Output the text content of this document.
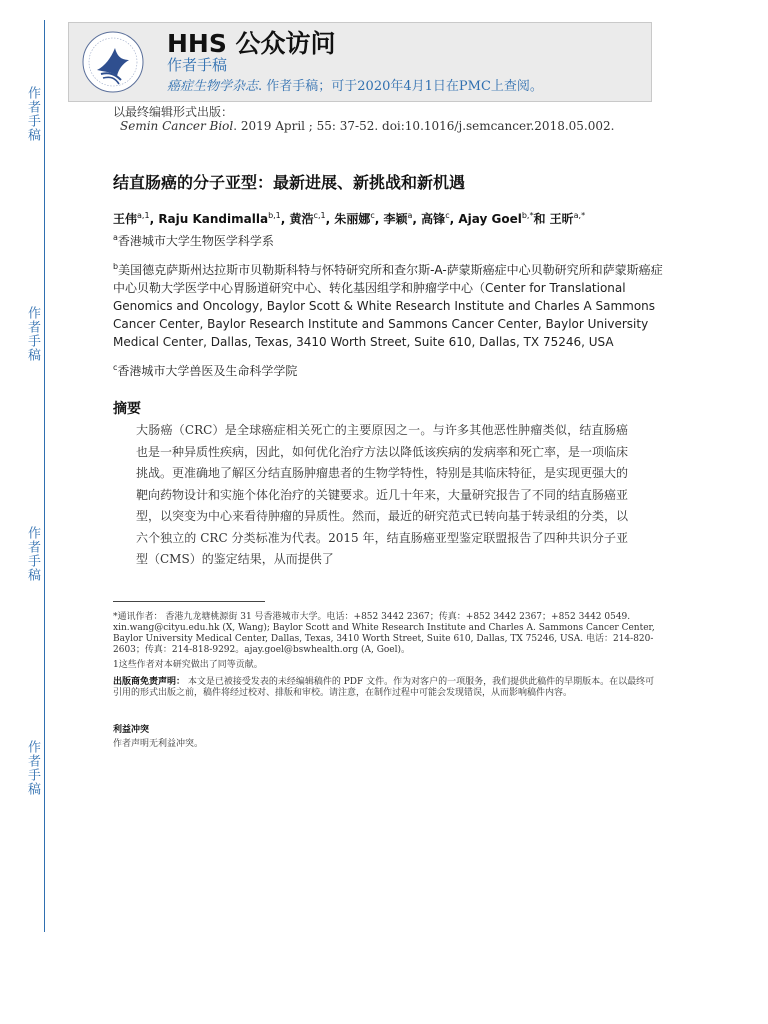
作者手稿
作者手稿
作者手稿
作者手稿
HHS 公众访问
作者手稿
癌症生物学杂志. 作者手稿；可于2020年4月1日在PMC上查阅。
以最终编辑形式出版：
Semin Cancer Biol. 2019 April ; 55: 37-52. doi:10.1016/j.semcancer.2018.05.002.
结直肠癌的分子亚型：最新进展、新挑战和新机遇
王伟$^{a,1}$, Raju Kandimalla$^{b,1}$, 黄浩$^{c,1}$, 朱丽娜$^c$, 李颖$^a$, 高锋$^c$, Ajay Goel$^{b,*}$和 王昕$^{a,*}$
$^a$香港城市大学生物医学科学系
$^b$美国德克萨斯州达拉斯市贝勒斯科特与怀特研究所和查尔斯-A-萨蒙斯癌症中心贝勒研究所和萨蒙斯癌症中心贝勒大学医学中心胃肠道研究中心、转化基因组学和肿瘤学中心（Center for Translational Genomics and Oncology, Baylor Scott & White Research Institute and Charles A Sammons Cancer Center, Baylor Research Institute and Sammons Cancer Center, Baylor University Medical Center, Dallas, Texas, 3410 Worth Street, Suite 610, Dallas, TX 75246, USA
$^c$香港城市大学兽医及生命科学学院
摘要
大肠癌（CRC）是全球癌症相关死亡的主要原因之一。与许多其他恶性肿瘤类似，结直肠癌也是一种异质性疾病，因此，如何优化治疗方法以降低该疾病的发病率和死亡率，是一项临床挑战。更准确地了解区分结直肠肿瘤患者的生物学特性，特别是其临床特征，是实现更强大的靶向药物设计和实施个体化治疗的关键要求。近几十年来，大量研究报告了不同的结直肠癌亚型，以突变为中心来看待肿瘤的异质性。然而，最近的研究范式已转向基于转录组的分类，以六个独立的 CRC 分类标准为代表。2015 年，结直肠癌亚型鉴定联盟报告了四种共识分子亚型（CMS）的鉴定结果，从而提供了
*通讯作者： 香港九龙塘桃源街 31 号香港城市大学。电话：+852 3442 2367；传真：+852 3442 2367；+852 3442 0549. xin.wang@cityu.edu.hk (X, Wang); Baylor Scott and White Research Institute and Charles A. Sammons Cancer Center, Baylor University Medical Center, Dallas, Texas, 3410 Worth Street, Suite 610, Dallas, TX 75246, USA. 电话：214-820-2603；传真：214-818-9292。ajay.goel@bswhealth.org (A, Goel)。
1这些作者对本研究做出了同等贡献。
出版商免责声明： 本文是已被接受发表的未经编辑稿件的 PDF 文件。作为对客户的一项服务，我们提供此稿件的早期版本。在以最终可引用的形式出版之前，稿件将经过校对、排版和审校。请注意，在制作过程中可能会发现错误，从而影响稿件内容。
利益冲突
作者声明无利益冲突。
